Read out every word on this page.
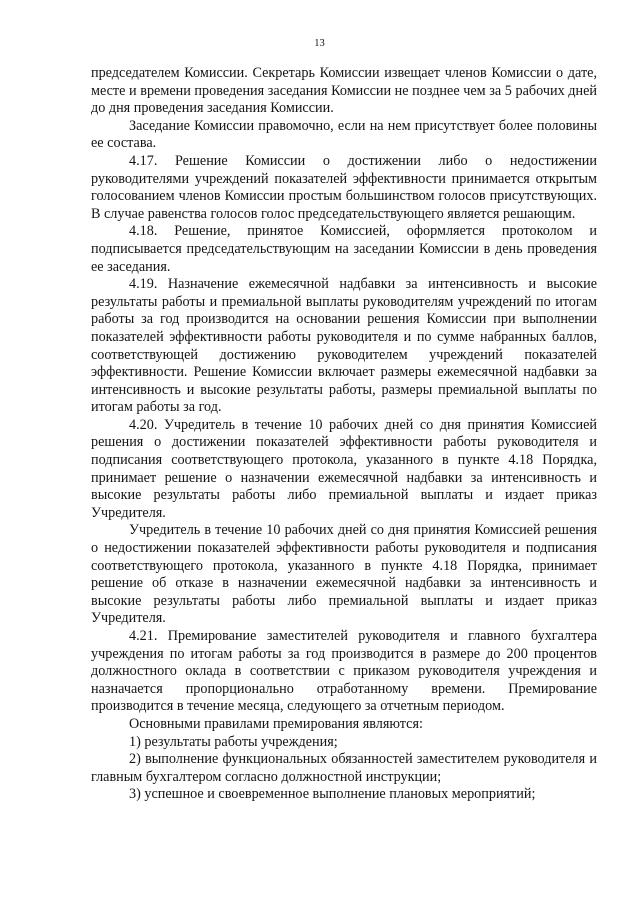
13

председателем Комиссии. Секретарь Комиссии извещает членов Комиссии о дате, месте и времени проведения заседания Комиссии не позднее чем за 5 рабочих дней до дня проведения заседания Комиссии.

Заседание Комиссии правомочно, если на нем присутствует более половины ее состава.

4.17. Решение Комиссии о достижении либо о недостижении руководителями учреждений показателей эффективности принимается открытым голосованием членов Комиссии простым большинством голосов присутствующих. В случае равенства голосов голос председательствующего является решающим.

4.18. Решение, принятое Комиссией, оформляется протоколом и подписывается председательствующим на заседании Комиссии в день проведения ее заседания.

4.19. Назначение ежемесячной надбавки за интенсивность и высокие результаты работы и премиальной выплаты руководителям учреждений по итогам работы за год производится на основании решения Комиссии при выполнении показателей эффективности работы руководителя и по сумме набранных баллов, соответствующей достижению руководителем учреждений показателей эффективности. Решение Комиссии включает размеры ежемесячной надбавки за интенсивность и высокие результаты работы, размеры премиальной выплаты по итогам работы за год.

4.20. Учредитель в течение 10 рабочих дней со дня принятия Комиссией решения о достижении показателей эффективности работы руководителя и подписания соответствующего протокола, указанного в пункте 4.18 Порядка, принимает решение о назначении ежемесячной надбавки за интенсивность и высокие результаты работы либо премиальной выплаты и издает приказ Учредителя.

Учредитель в течение 10 рабочих дней со дня принятия Комиссией решения о недостижении показателей эффективности работы руководителя и подписания соответствующего протокола, указанного в пункте 4.18 Порядка, принимает решение об отказе в назначении ежемесячной надбавки за интенсивность и высокие результаты работы либо премиальной выплаты и издает приказ Учредителя.

4.21. Премирование заместителей руководителя и главного бухгалтера учреждения по итогам работы за год производится в размере до 200 процентов должностного оклада в соответствии с приказом руководителя учреждения и назначается пропорционально отработанному времени. Премирование производится в течение месяца, следующего за отчетным периодом.

Основными правилами премирования являются:

1) результаты работы учреждения;

2) выполнение функциональных обязанностей заместителем руководителя и главным бухгалтером согласно должностной инструкции;

3) успешное и своевременное выполнение плановых мероприятий;
